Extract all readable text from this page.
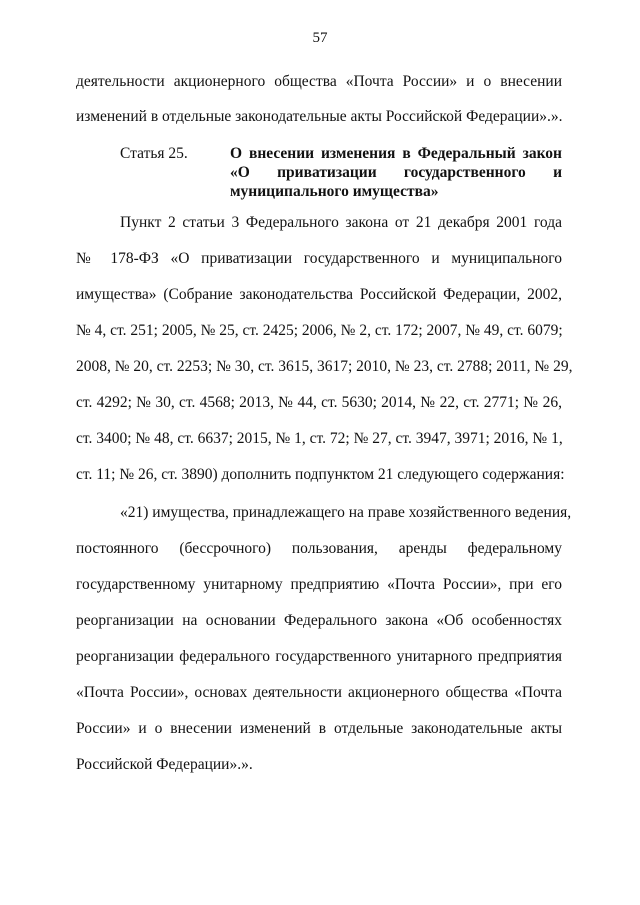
57
деятельности акционерного общества «Почта России» и о внесении
изменений в отдельные законодательные акты Российской Федерации».».
Статья 25.	О внесении изменения в Федеральный закон
«О приватизации государственного и
муниципального имущества»
Пункт 2 статьи 3 Федерального закона от 21 декабря 2001 года
№ 178-ФЗ «О приватизации государственного и муниципального
имущества» (Собрание законодательства Российской Федерации, 2002,
№ 4, ст. 251; 2005, № 25, ст. 2425; 2006, № 2, ст. 172; 2007, № 49, ст. 6079;
2008, № 20, ст. 2253; № 30, ст. 3615, 3617; 2010, № 23, ст. 2788; 2011, № 29,
ст. 4292; № 30, ст. 4568; 2013, № 44, ст. 5630; 2014, № 22, ст. 2771; № 26,
ст. 3400; № 48, ст. 6637; 2015, № 1, ст. 72; № 27, ст. 3947, 3971; 2016, № 1,
ст. 11; № 26, ст. 3890) дополнить подпунктом 21 следующего содержания:
«21) имущества, принадлежащего на праве хозяйственного ведения,
постоянного (бессрочного) пользования, аренды федеральному
государственному унитарному предприятию «Почта России», при его
реорганизации на основании Федерального закона «Об особенностях
реорганизации федерального государственного унитарного предприятия
«Почта России», основах деятельности акционерного общества «Почта
России» и о внесении изменений в отдельные законодательные акты
Российской Федерации».».
